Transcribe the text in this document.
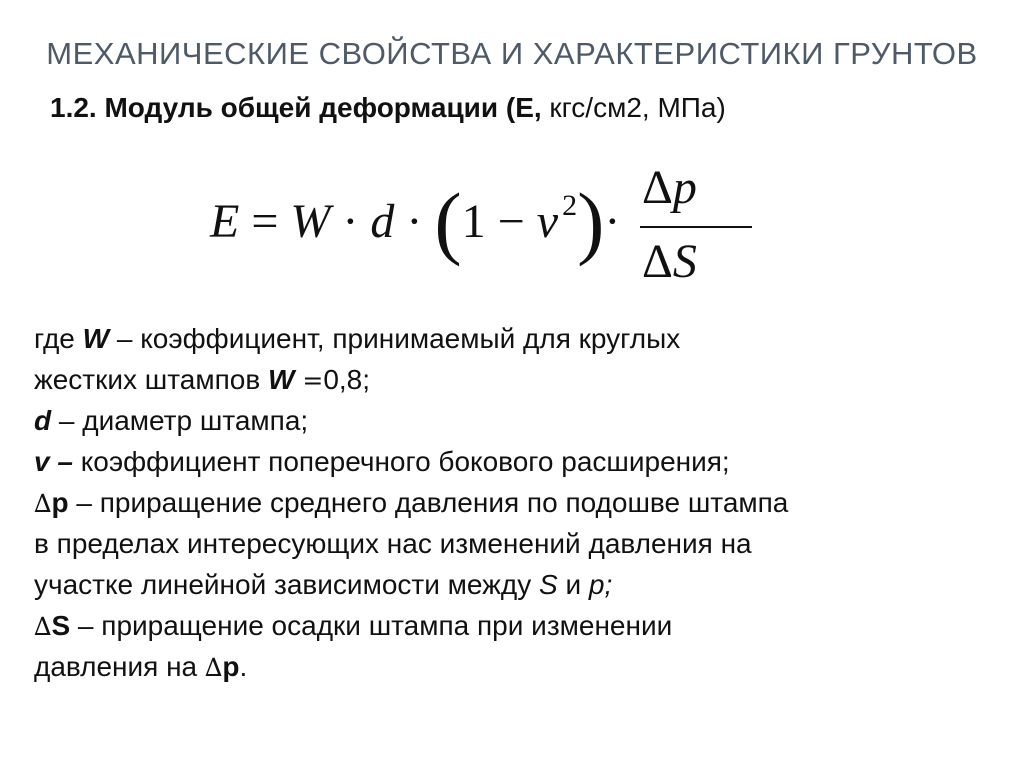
МЕХАНИЧЕСКИЕ СВОЙСТВА И ХАРАКТЕРИСТИКИ ГРУНТОВ
1.2. Модуль общей деформации (Е, кгс/см2, МПа)
E = W · d · (1 − ν $^2$)·
Δp
ΔS
где W – коэффициент, принимаемый для круглых
жестких штампов W =0,8;
d – диаметр штампа;
v – коэффициент поперечного бокового расширения;
∆р – приращение среднего давления по подошве штампа
в пределах интересующих нас изменений давления на
участке линейной зависимости между S и р;
∆S – приращение осадки штампа при изменении
давления на ∆р.
